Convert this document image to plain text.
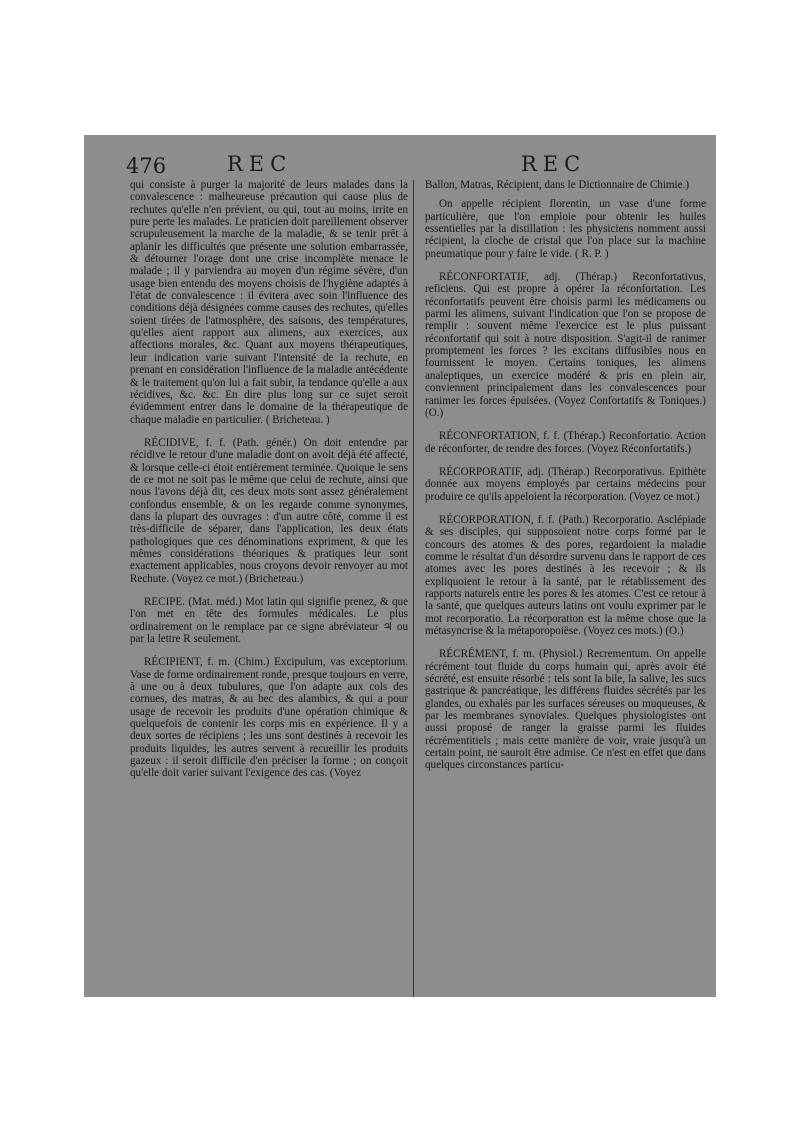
476	REC	REC

qui consiste à purger la majorité de leurs malades dans la convalescence : malheureuse précaution qui cause plus de rechutes qu'elle n'en prévient, ou qui, tout au moins, irrite en pure perte les malades. Le praticien doit pareillement observer scrupuleusement la marche de la maladie, & se tenir prêt à aplanir les difficultés que présente une solution embarrassée, & détourner l'orage dont une crise incomplète menace le malade ; il y parviendra au moyen d'un régime sévère, d'un usage bien entendu des moyens choisis de l'hygiène adaptés à l'état de convalescence : il évitera avec soin l'influence des conditions déjà désignées comme causes des rechutes, qu'elles soient tirées de l'atmosphère, des saisons, des températures, qu'elles aient rapport aux alimens, aux exercices, aux affections morales, &c. Quant aux moyens thérapeutiques, leur indication varie suivant l'intensité de la rechute, en prenant en considération l'influence de la maladie antécédente & le traitement qu'on lui a fait subir, la tendance qu'elle a aux récidives, &c. &c. En dire plus long sur ce sujet seroit évidemment entrer dans le domaine de la thérapeutique de chaque maladie en particulier. ( Bricheteau. )

RÉCIDIVE, f. f. (Path. génér.) On doit entendre par récidive le retour d'une maladie dont on avoit déjà été affecté, & lorsque celle-ci étoit entièrement terminée. Quoique le sens de ce mot ne soit pas le même que celui de rechute, ainsi que nous l'avons déjà dit, ces deux mots sont assez généralement confondus ensemble, & on les regarde comme synonymes, dans la plupart des ouvrages : d'un autre côté, comme il est très-difficile de séparer, dans l'application, les deux états pathologiques que ces dénominations expriment, & que les mêmes considérations théoriques & pratiques leur sont exactement applicables, nous croyons devoir renvoyer au mot Rechute. (Voyez ce mot.) (Bricheteau.)

RECIPE. (Mat. méd.) Mot latin qui signifie prenez, & que l'on met en tête des formules médicales. Le plus ordinairement on le remplace par ce signe abréviateur ♃ ou par la lettre R seulement.

RÉCIPIENT, f. m. (Chim.) Excipulum, vas exceptorium. Vase de forme ordinairement ronde, presque toujours en verre, à une ou à deux tubulures, que l'on adapte aux cols des cornues, des matras, & au bec des alambics, & qui a pour usage de recevoir les produits d'une opération chimique & quelquefois de contenir les corps mis en expérience. Il y a deux sortes de récipiens ; les uns sont destinés à recevoir les produits liquides, les autres servent à recueillir les produits gazeux : il seroit difficile d'en préciser la forme ; on conçoit qu'elle doit varier suivant l'exigence des cas. (Voyez

Ballon, Matras, Récipient, dans le Dictionnaire de Chimie.)

On appelle récipient florentin, un vase d'une forme particulière, que l'on emploie pour obtenir les huiles essentielles par la distillation : les physiciens nomment aussi récipient, la cloche de cristal que l'on place sur la machine pneumatique pour y faire le vide. ( R. P. )

RÉCONFORTATIF, adj. (Thérap.) Reconfortativus, reficiens. Qui est propre à opérer la réconfortation. Les réconfortatifs peuvent être choisis parmi les médicamens ou parmi les alimens, suivant l'indication que l'on se propose de remplir : souvent même l'exercice est le plus puissant réconfortatif qui soit à notre disposition. S'agit-il de ranimer promptement les forces ? les excitans diffusibles nous en fournissent le moyen. Certains toniques, les alimens analeptiques, un exercice modéré & pris en plein air, conviennent principalement dans les convalescences pour ranimer les forces épuisées. (Voyez Confortatifs & Toniques.) (O.)

RÉCONFORTATION, f. f. (Thérap.) Reconfortatio. Action de réconforter, de rendre des forces. (Voyez Réconfortatifs.)

RÉCORPORATIF, adj. (Thérap.) Recorporativus. Epithète donnée aux moyens employés par certains médecins pour produire ce qu'ils appeloient la récorporation. (Voyez ce mot.)

RÉCORPORATION, f. f. (Path.) Recorporatio. Asclépiade & ses disciples, qui supposoient notre corps formé par le concours des atomes & des pores, regardoient la maladie comme le résultat d'un désordre survenu dans le rapport de ces atomes avec les pores destinés à les recevoir ; & ils expliquoient le retour à la santé, par le rétablissement des rapports naturels entre les pores & les atomes. C'est ce retour à la santé, que quelques auteurs latins ont voulu exprimer par le mot recorporatio. La récorporation est la même chose que la métasyncrise & la métaporopoiëse. (Voyez ces mots.) (O.)

RÉCRÉMENT, f. m. (Physiol.) Recrementum. On appelle récrément tout fluide du corps humain qui, après avoir été sécrété, est ensuite résorbé : tels sont la bile, la salive, les sucs gastrique & pancréatique, les différens fluides sécrétés par les glandes, ou exhalés par les surfaces séreuses ou muqueuses, & par les membranes synoviales. Quelques physiologistes ont aussi proposé de ranger la graisse parmi les fluides récrémentitiels ; mais cette manière de voir, vraie jusqu'à un certain point, ne sauroit être admise. Ce n'est en effet que dans quelques circonstances particu-
